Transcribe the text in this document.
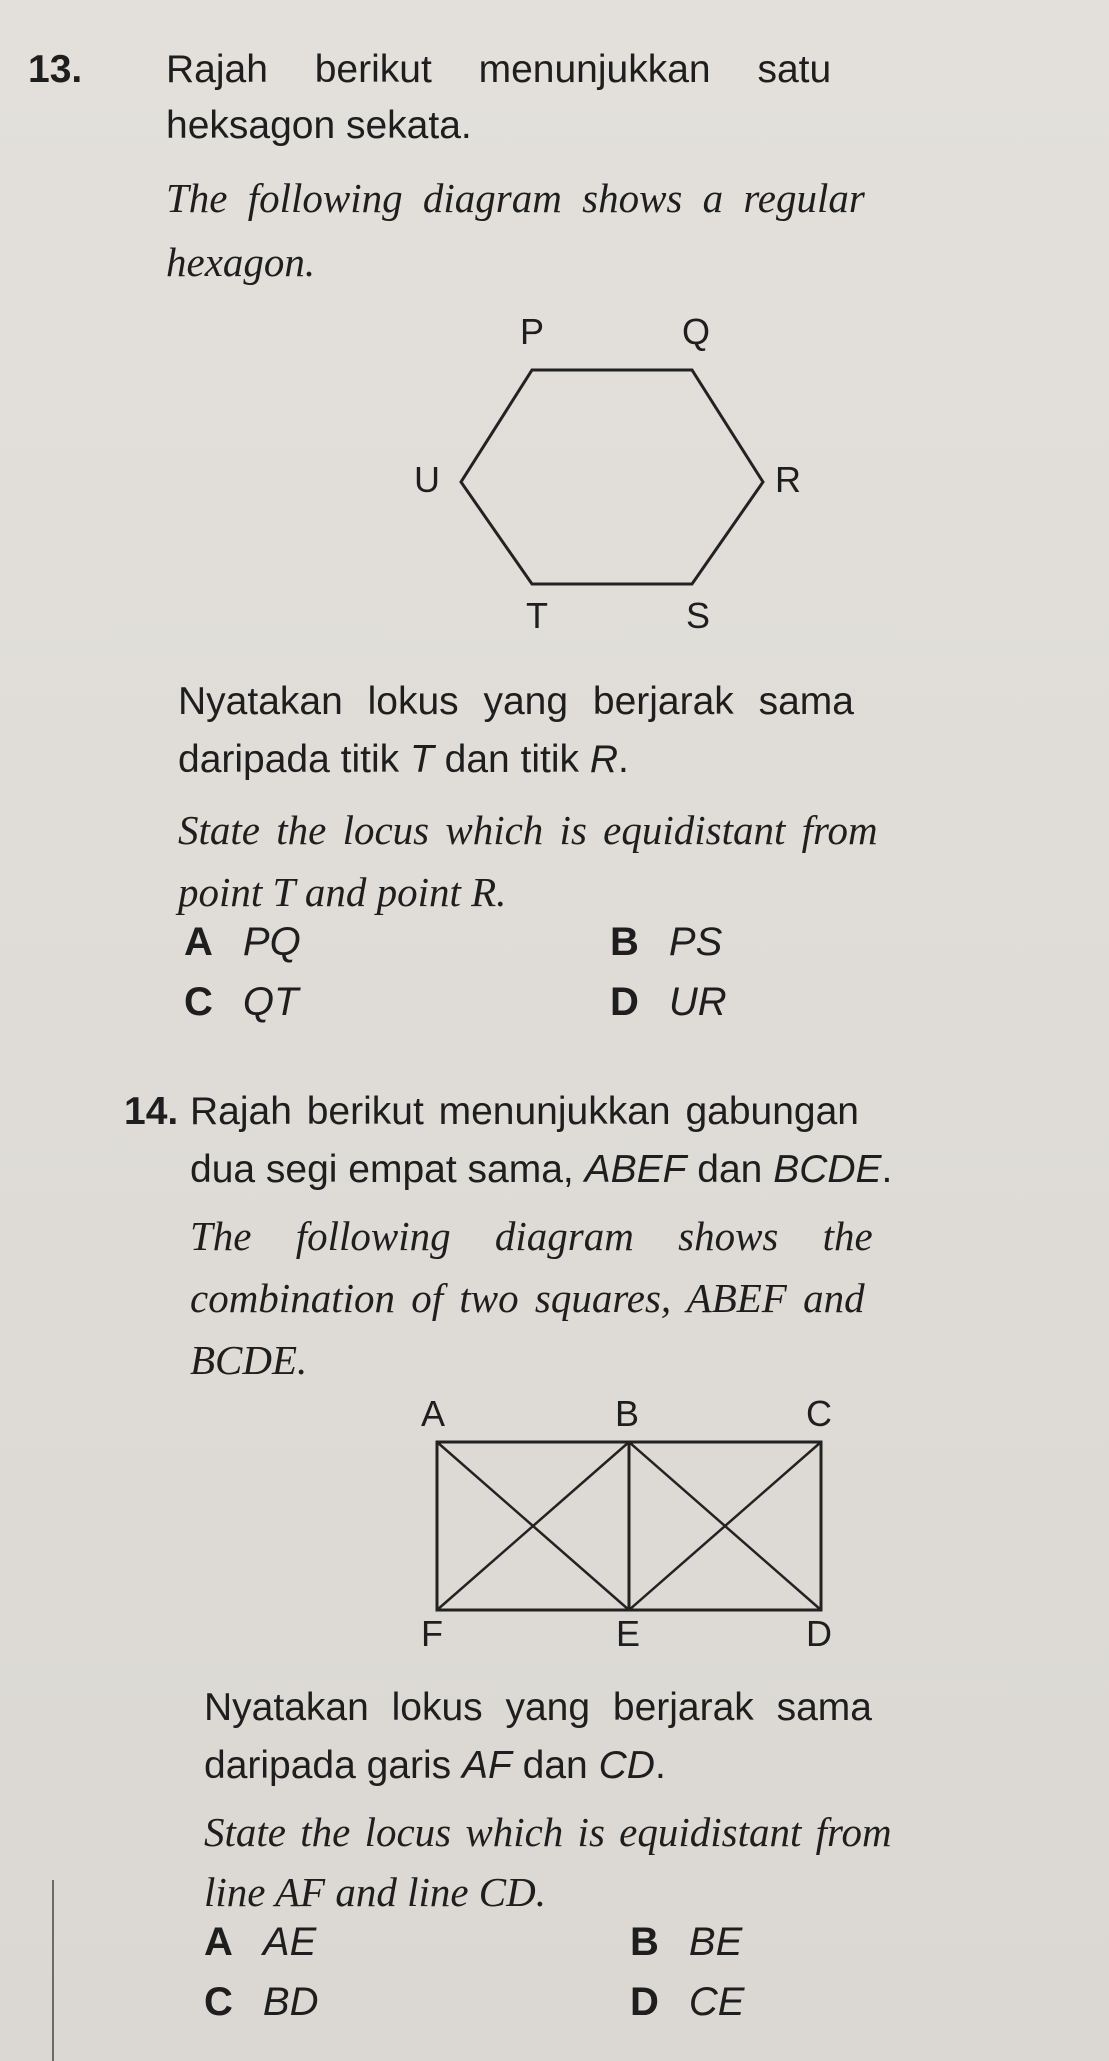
13. Rajah berikut menunjukkan satu
heksagon sekata.
The following diagram shows a regular
hexagon.
P	Q
R
S
T
U
Nyatakan lokus yang berjarak sama
daripada titik T dan titik R.
State the locus which is equidistant from
point T and point R.
A PQ	B PS
C QT	D UR
14. Rajah berikut menunjukkan gabungan
dua segi empat sama, ABEF dan BCDE.
The following diagram shows the
combination of two squares, ABEF and
BCDE.
A	B	C
F	E	D
Nyatakan lokus yang berjarak sama
daripada garis AF dan CD.
State the locus which is equidistant from
line AF and line CD.
A AE	B BE
C BD	D CE
